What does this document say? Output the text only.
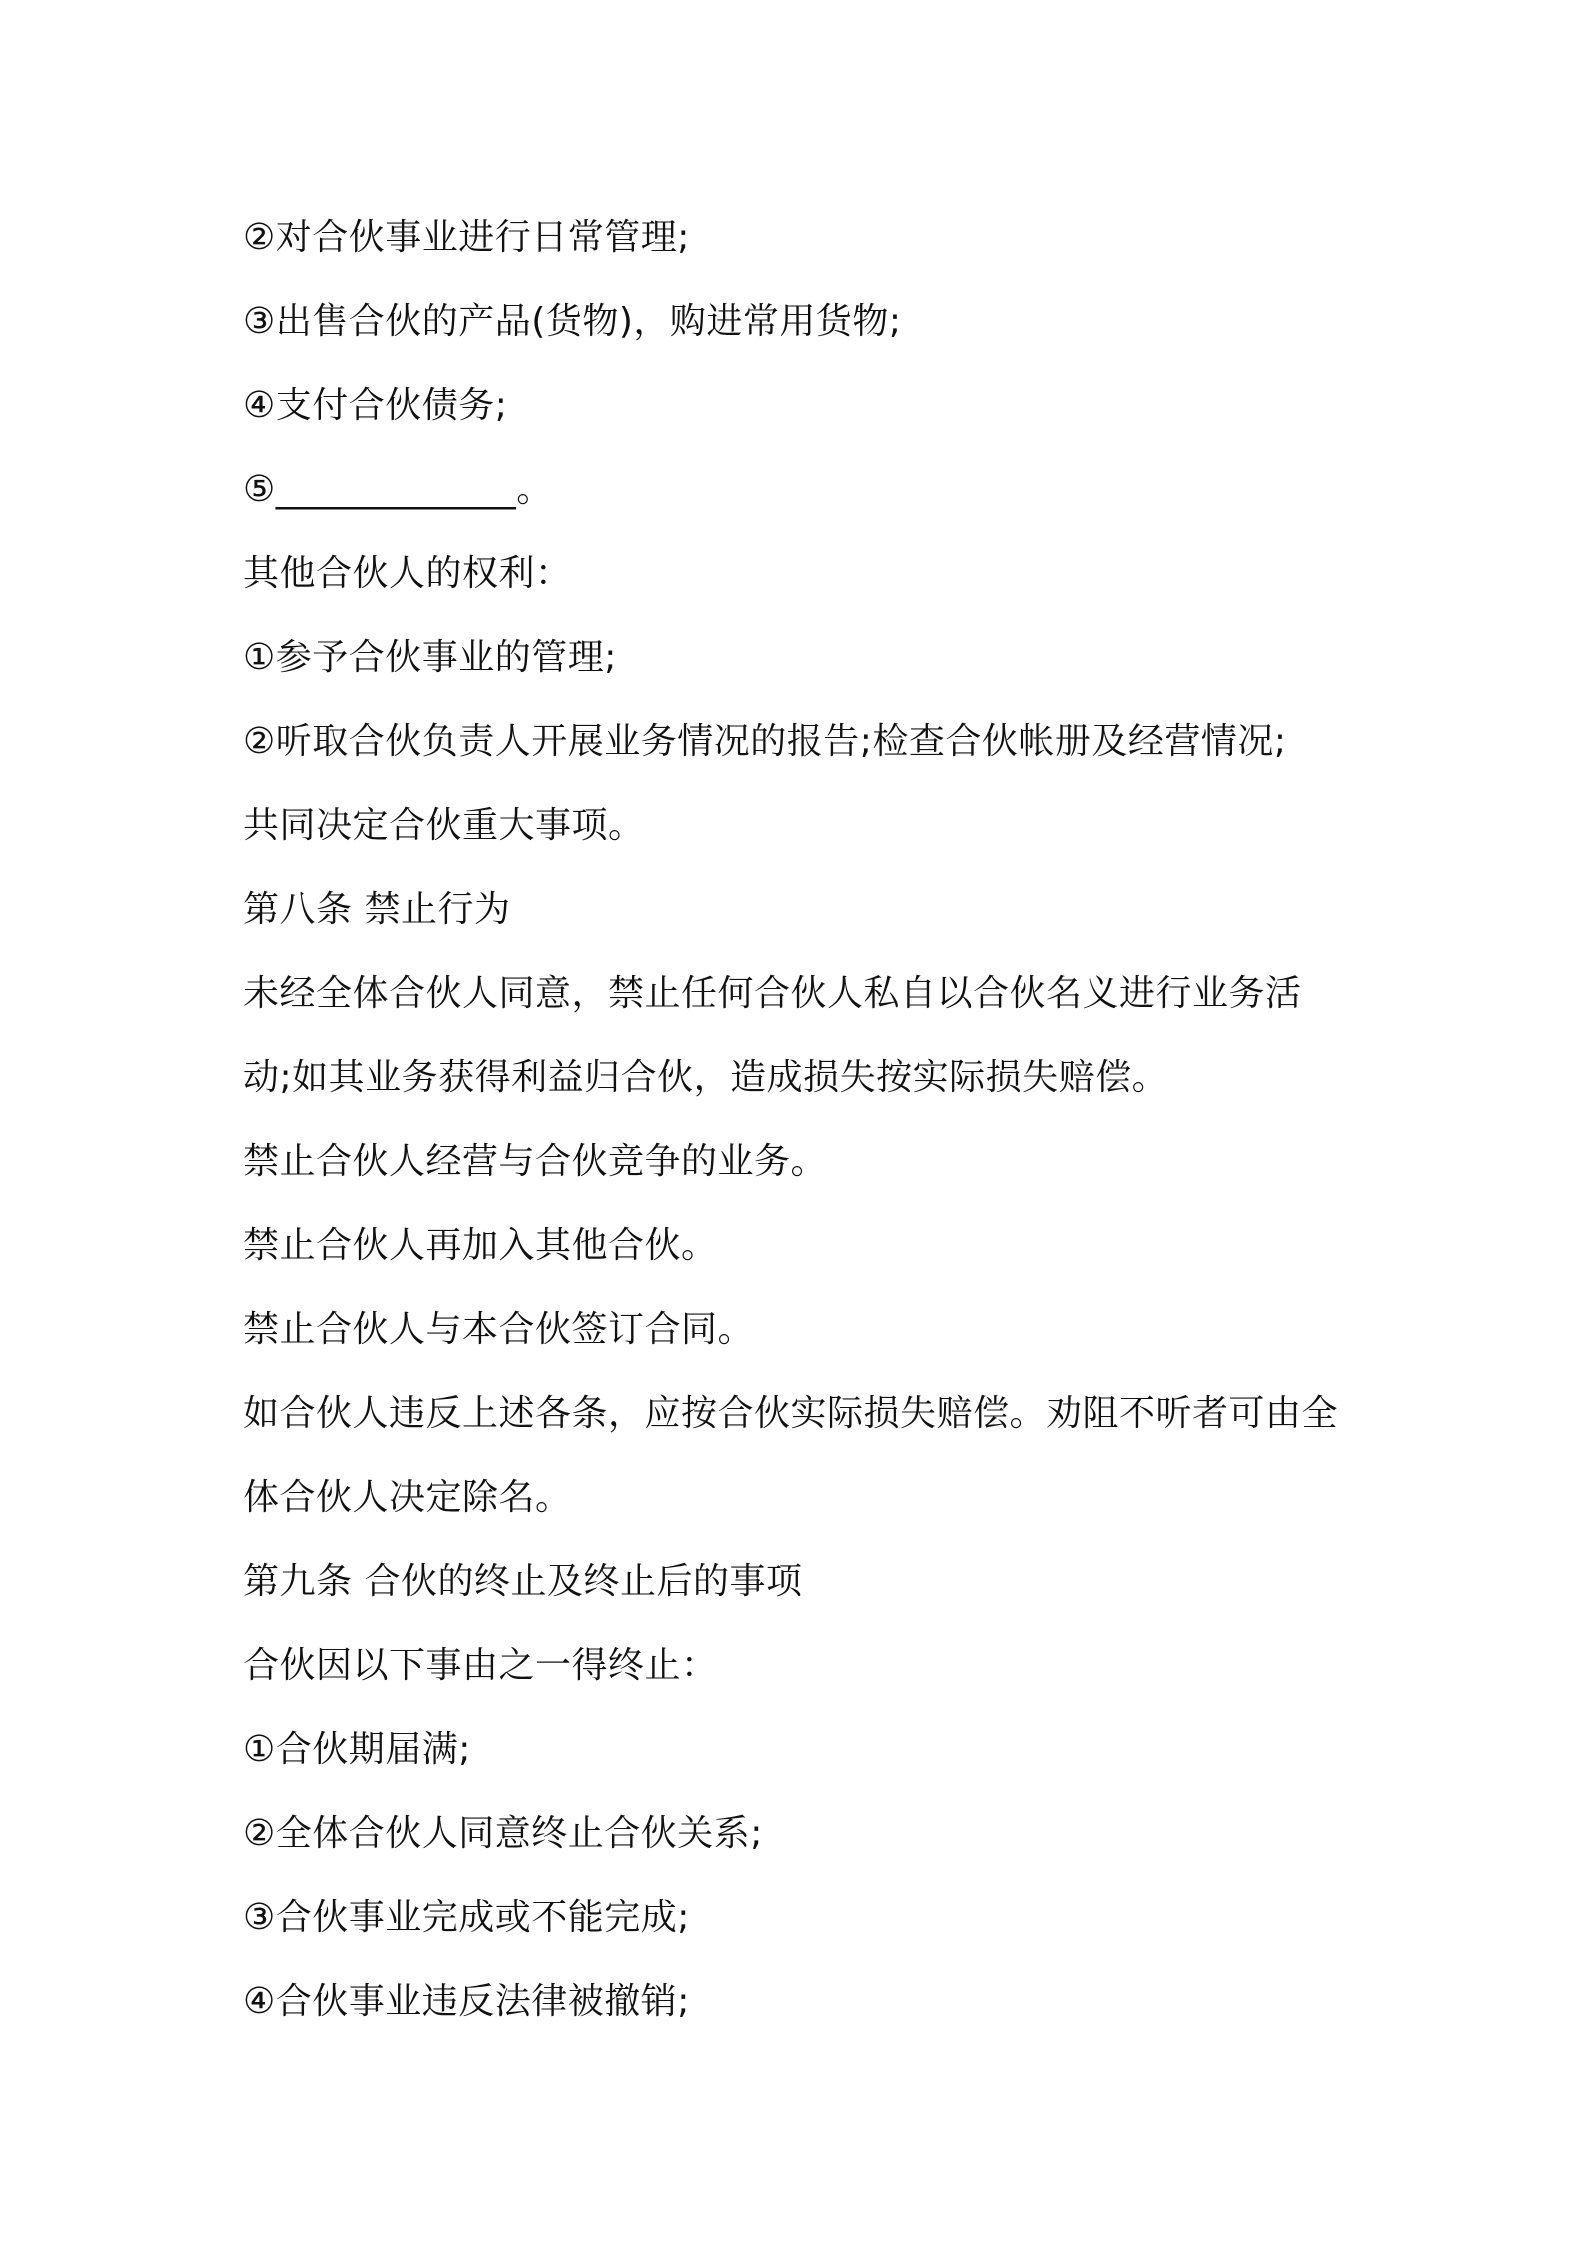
②对合伙事业进行日常管理;
③出售合伙的产品(货物)，购进常用货物;
④支付合伙债务;
⑤_____________。
其他合伙人的权利：
①参予合伙事业的管理;
②听取合伙负责人开展业务情况的报告;检查合伙帐册及经营情况;
共同决定合伙重大事项。
第八条 禁止行为
未经全体合伙人同意，禁止任何合伙人私自以合伙名义进行业务活
动;如其业务获得利益归合伙，造成损失按实际损失赔偿。
禁止合伙人经营与合伙竞争的业务。
禁止合伙人再加入其他合伙。
禁止合伙人与本合伙签订合同。
如合伙人违反上述各条，应按合伙实际损失赔偿。劝阻不听者可由全
体合伙人决定除名。
第九条 合伙的终止及终止后的事项
合伙因以下事由之一得终止：
①合伙期届满;
②全体合伙人同意终止合伙关系;
③合伙事业完成或不能完成;
④合伙事业违反法律被撤销;
